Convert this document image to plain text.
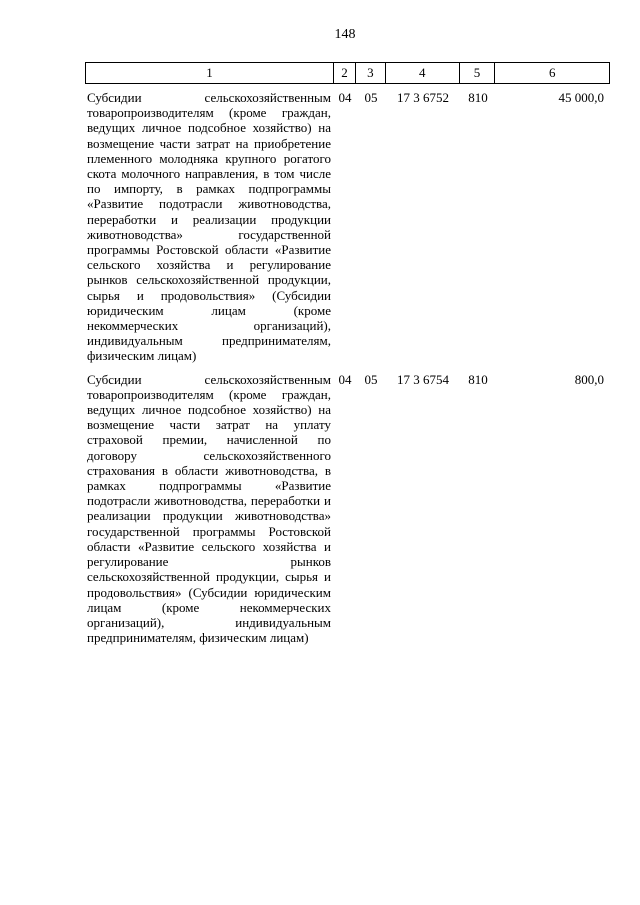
148
1	2	3	4	5	6
Субсидии сельскохозяйственным товаропроизводителям (кроме граждан, ведущих личное подсобное хозяйство) на возмещение части затрат на приобретение племенного молодняка крупного рогатого скота молочного направления, в том числе по импорту, в рамках подпрограммы «Развитие подотрасли животноводства, переработки и реализации продукции животноводства» государственной программы Ростовской области «Развитие сельского хозяйства и регулирование рынков сельскохозяйственной продукции, сырья и продовольствия» (Субсидии юридическим лицам (кроме некоммерческих организаций), индивидуальным предпринимателям, физическим лицам)
04	05	17 3 6752	810	45 000,0
Субсидии сельскохозяйственным товаропроизводителям (кроме граждан, ведущих личное подсобное хозяйство) на возмещение части затрат на уплату страховой премии, начисленной по договору сельскохозяйственного страхования в области животноводства, в рамках подпрограммы «Развитие подотрасли животноводства, переработки и реализации продукции животноводства» государственной программы Ростовской области «Развитие сельского хозяйства и регулирование рынков сельскохозяйственной продукции, сырья и продовольствия» (Субсидии юридическим лицам (кроме некоммерческих организаций), индивидуальным предпринимателям, физическим лицам)
04	05	17 3 6754	810	800,0
